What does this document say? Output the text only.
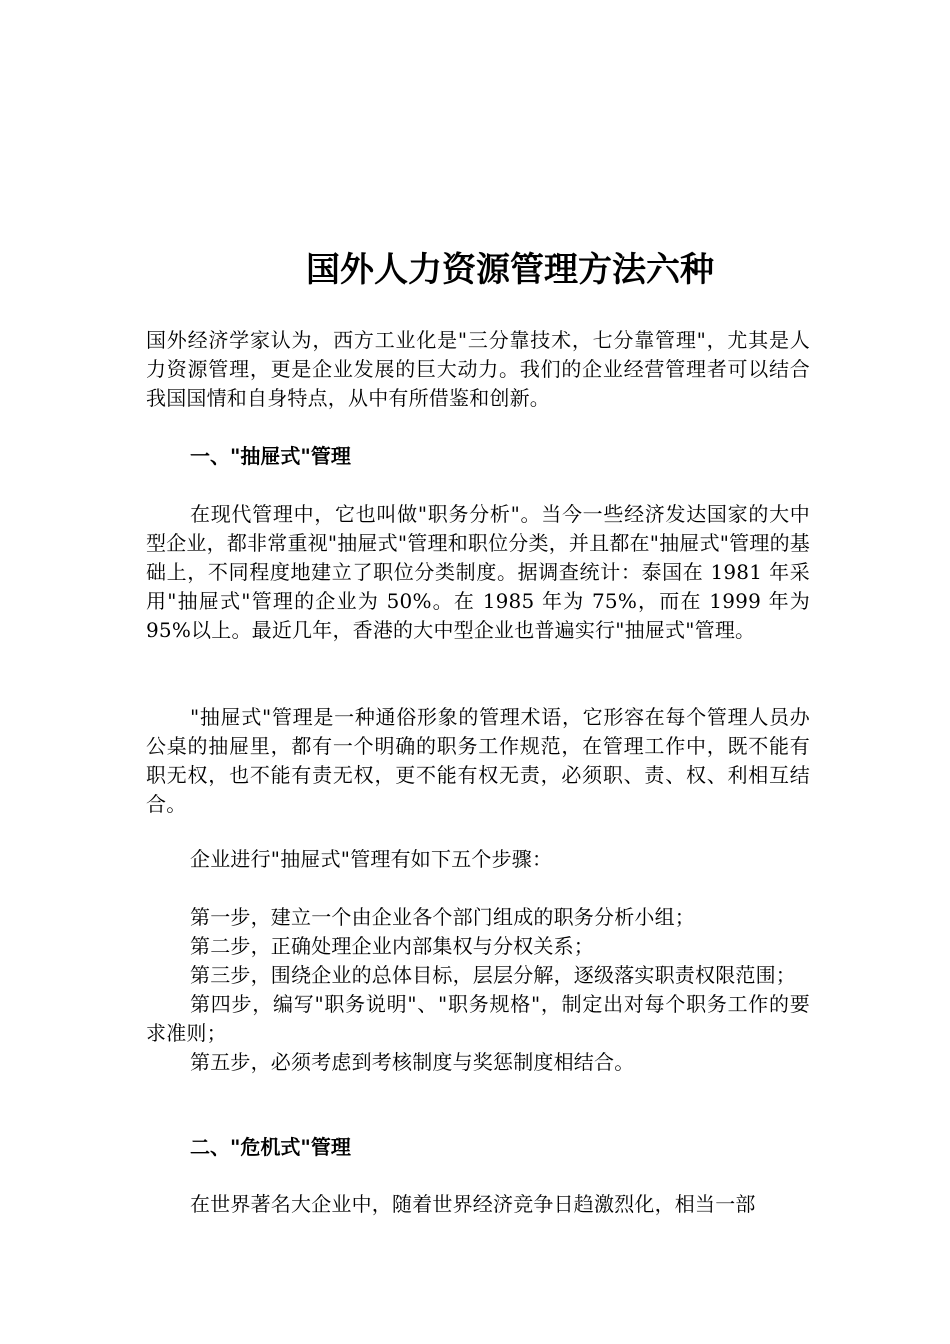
国外人力资源管理方法六种
国外经济学家认为，西方工业化是"三分靠技术，七分靠管理"，尤其是人力资源管理，更是企业发展的巨大动力。我们的企业经营管理者可以结合我国国情和自身特点，从中有所借鉴和创新。
一、"抽屉式"管理
在现代管理中，它也叫做"职务分析"。当今一些经济发达国家的大中型企业，都非常重视"抽屉式"管理和职位分类，并且都在"抽屉式"管理的基础上，不同程度地建立了职位分类制度。据调查统计：泰国在 1981 年采用"抽屉式"管理的企业为 50%。在 1985 年为 75%，而在 1999 年为 95%以上。最近几年，香港的大中型企业也普遍实行"抽屉式"管理。
"抽屉式"管理是一种通俗形象的管理术语，它形容在每个管理人员办公桌的抽屉里，都有一个明确的职务工作规范，在管理工作中，既不能有职无权，也不能有责无权，更不能有权无责，必须职、责、权、利相互结合。
企业进行"抽屉式"管理有如下五个步骤：
第一步，建立一个由企业各个部门组成的职务分析小组；
第二步，正确处理企业内部集权与分权关系；
第三步，围绕企业的总体目标，层层分解，逐级落实职责权限范围；
第四步，编写"职务说明"、"职务规格"，制定出对每个职务工作的要求准则；
第五步，必须考虑到考核制度与奖惩制度相结合。
二、"危机式"管理
在世界著名大企业中，随着世界经济竞争日趋激烈化，相当一部
